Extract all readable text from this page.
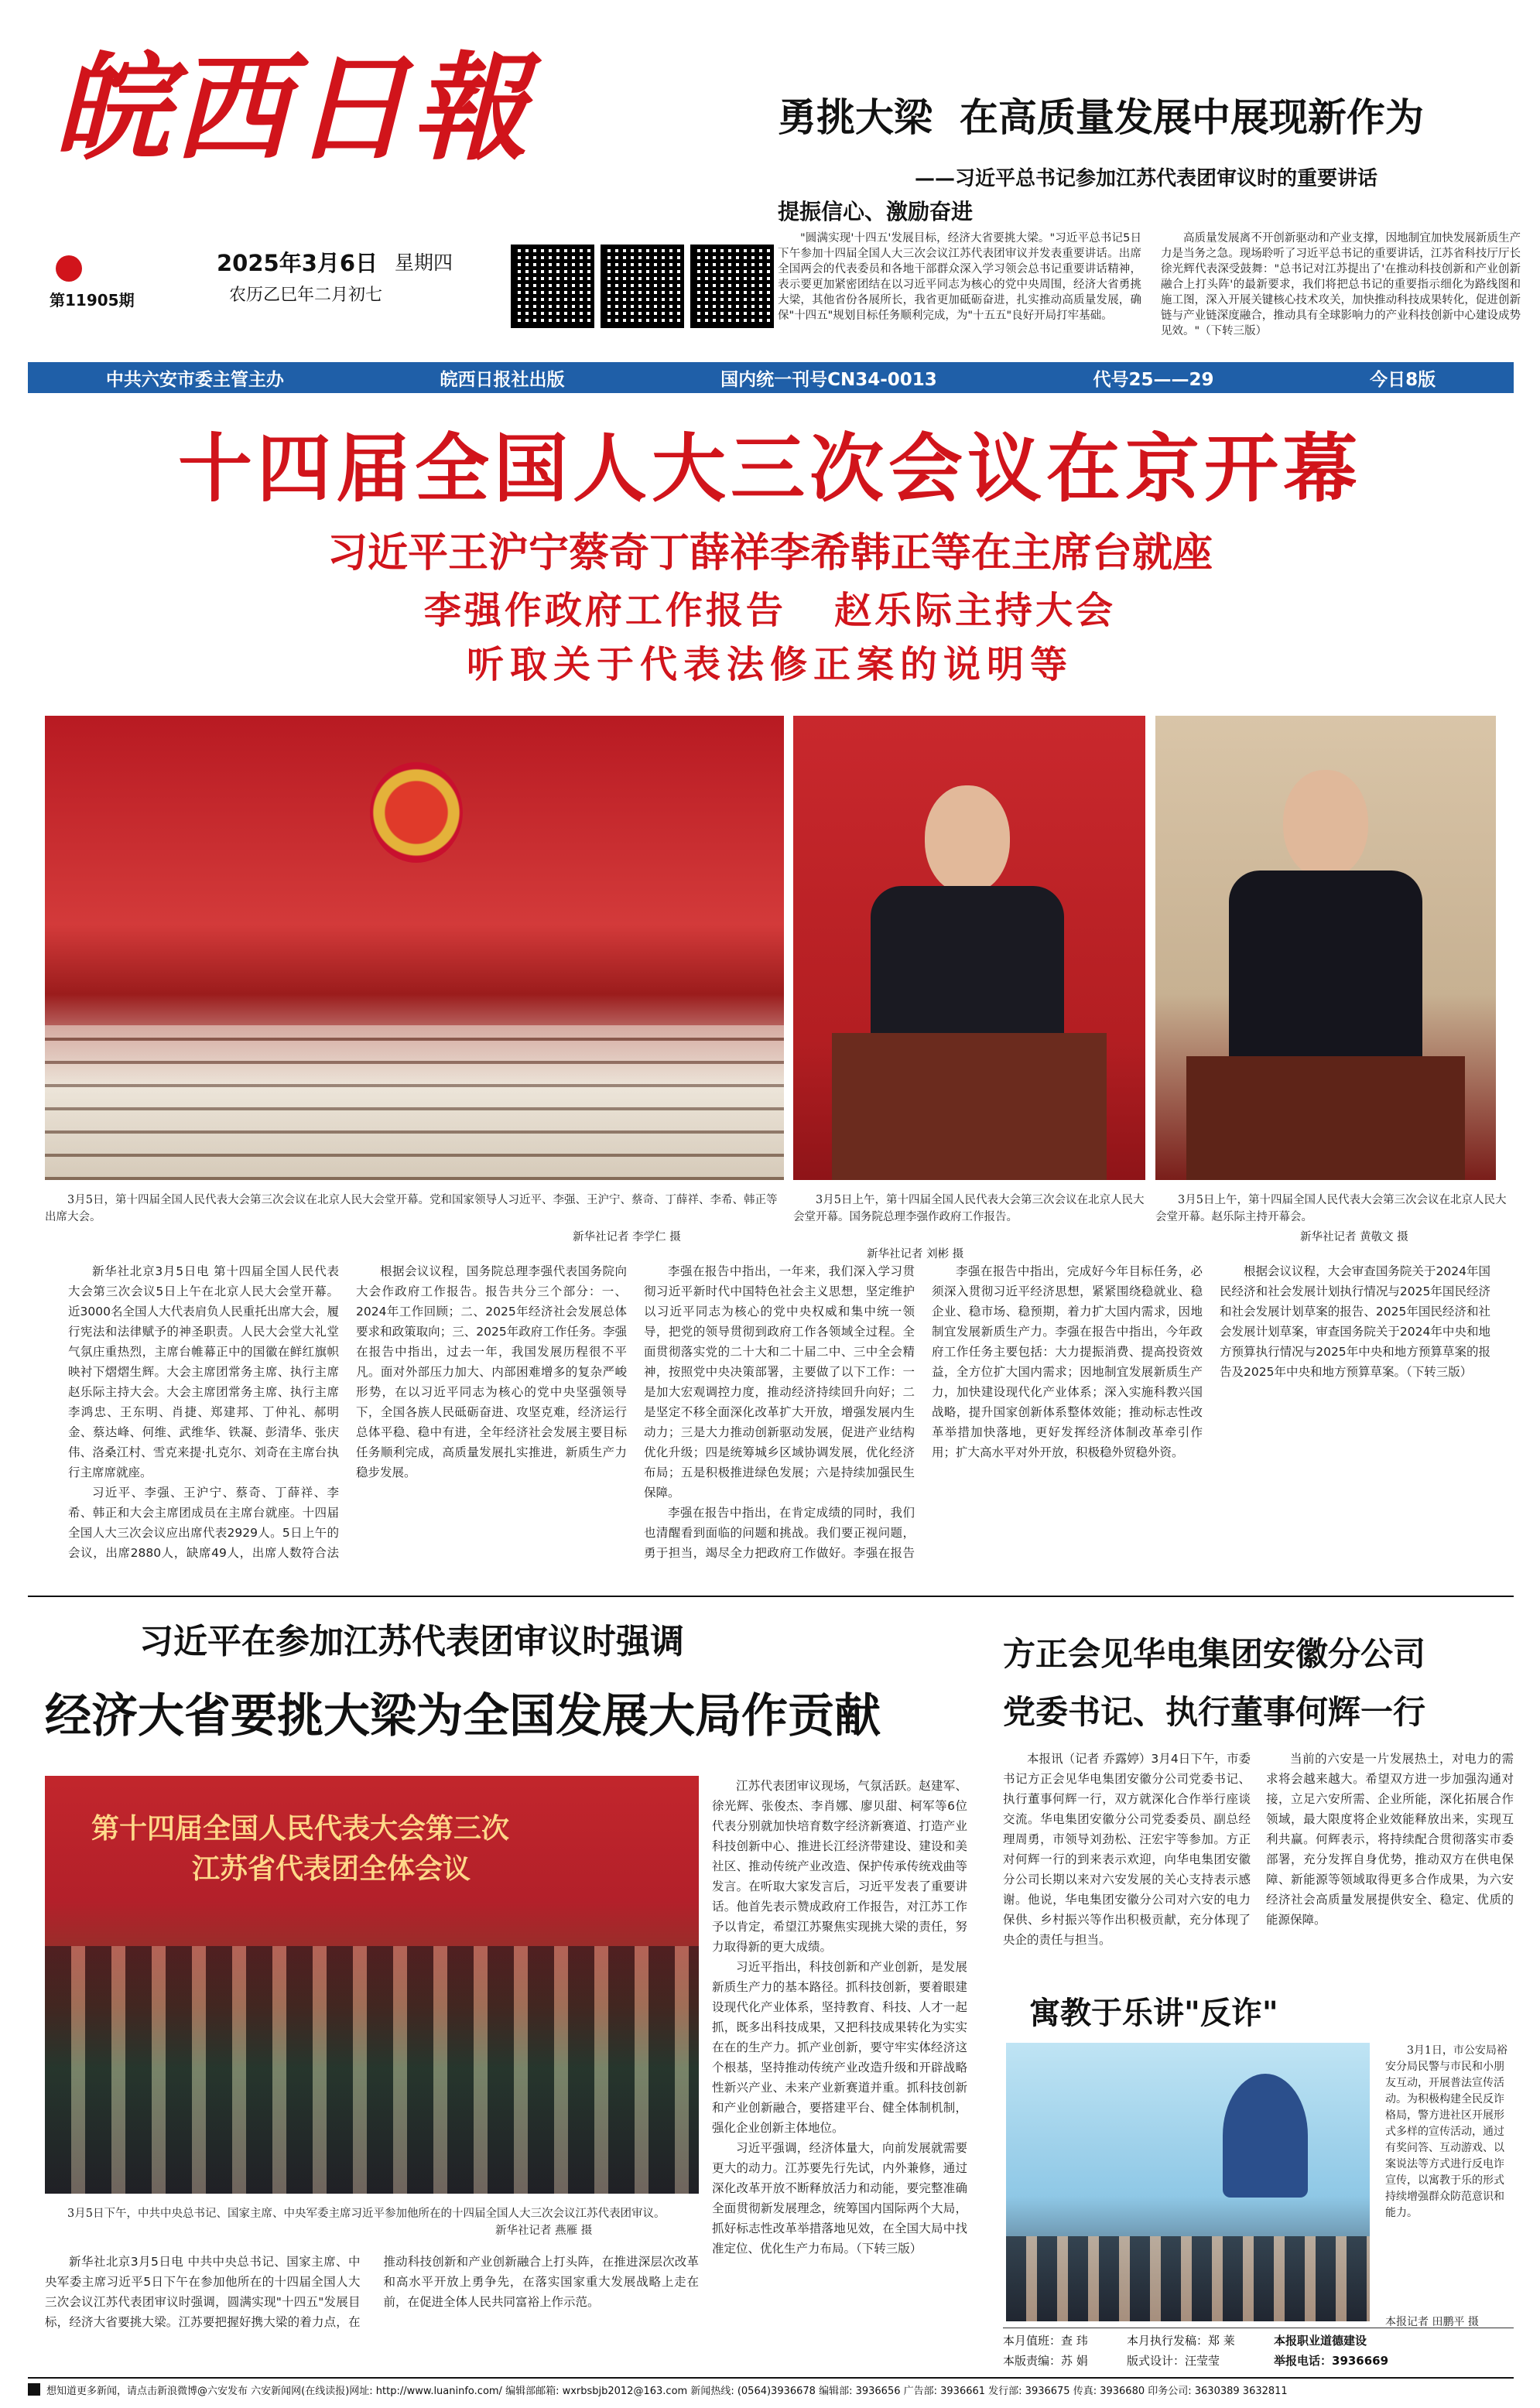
皖西日報
第11905期
2025年3月6日 星期四
农历乙巳年二月初七
勇挑大梁  在高质量发展中展现新作为
——习近平总书记参加江苏代表团审议时的重要讲话
提振信心、激励奋进

"圆满实现'十四五'发展目标，经济大省要挑大梁。"习近平总书记5日下午参加十四届全国人大三次会议江苏代表团审议并发表重要讲话。出席全国两会的代表委员和各地干部群众深入学习领会总书记重要讲话精神，表示要更加紧密团结在以习近平同志为核心的党中央周围，经济大省勇挑大梁，其他省份各展所长，我省更加砥砺奋进，扎实推动高质量发展，确保"十四五"规划目标任务顺利完成，为"十五五"良好开局打牢基础。

高质量发展离不开创新驱动和产业支撑，因地制宜加快发展新质生产力是当务之急。现场聆听了习近平总书记的重要讲话，江苏省科技厅厅长徐光辉代表深受鼓舞："总书记对江苏提出了'在推动科技创新和产业创新融合上打头阵'的最新要求，我们将把总书记的重要指示细化为路线图和施工图，深入开展关键核心技术攻关，加快推动科技成果转化，促进创新链与产业链深度融合，推动具有全球影响力的产业科技创新中心建设成势见效。"（下转三版）

中共六安市委主管主办	皖西日报社出版	国内统一刊号CN34-0013	代号25——29	今日8版
十四届全国人大三次会议在京开幕
习近平王沪宁蔡奇丁薛祥李希韩正等在主席台就座
李强作政府工作报告   赵乐际主持大会
听取关于代表法修正案的说明等
3月5日，第十四届全国人民代表大会第三次会议在北京人民大会堂开幕。党和国家领导人习近平、李强、王沪宁、蔡奇、丁薛祥、李希、韩正等出席大会。
新华社记者 李学仁 摄
3月5日上午，第十四届全国人民代表大会第三次会议在北京人民大会堂开幕。国务院总理李强作政府工作报告。
新华社记者 刘彬 摄
3月5日上午，第十四届全国人民代表大会第三次会议在北京人民大会堂开幕。赵乐际主持开幕会。
新华社记者 黄敬文 摄

新华社北京3月5日电 第十四届全国人民代表大会第三次会议5日上午在北京人民大会堂开幕。近3000名全国人大代表肩负人民重托出席大会，履行宪法和法律赋予的神圣职责。人民大会堂大礼堂气氛庄重热烈，主席台帷幕正中的国徽在鲜红旗帜映衬下熠熠生辉。大会主席团常务主席、执行主席赵乐际主持大会。大会主席团常务主席、执行主席李鸿忠、王东明、肖捷、郑建邦、丁仲礼、郝明金、蔡达峰、何维、武维华、铁凝、彭清华、张庆伟、洛桑江村、雪克来提·扎克尔、刘奇在主席台执行主席席就座。

习近平、李强、王沪宁、蔡奇、丁薛祥、李希、韩正和大会主席团成员在主席台就座。十四届全国人大三次会议应出席代表2929人。5日上午的会议，出席2880人，缺席49人，出席人数符合法

根据会议议程，国务院总理李强代表国务院向大会作政府工作报告。报告共分三个部分：一、2024年工作回顾；二、2025年经济社会发展总体要求和政策取向；三、2025年政府工作任务。李强在报告中指出，过去一年，我国发展历程很不平凡。面对外部压力加大、内部困难增多的复杂严峻形势，在以习近平同志为核心的党中央坚强领导下，全国各族人民砥砺奋进、攻坚克难，经济运行总体平稳、稳中有进，全年经济社会发展主要目标任务顺利完成，高质量发展扎实推进，新质生产力稳步发展。

李强在报告中指出，一年来，我们深入学习贯彻习近平新时代中国特色社会主义思想，坚定维护以习近平同志为核心的党中央权威和集中统一领导，把党的领导贯彻到政府工作各领域全过程。全面贯彻落实党的二十大和二十届二中、三中全会精神，按照党中央决策部署，主要做了以下工作：一是加大宏观调控力度，推动经济持续回升向好；二是坚定不移全面深化改革扩大开放，增强发展内生动力；三是大力推动创新驱动发展，促进产业结构优化升级；四是统筹城乡区域协调发展，优化经济布局；五是积极推进绿色发展；六是持续加强民生保障。

李强在报告中指出，在肯定成绩的同时，我们也清醒看到面临的问题和挑战。我们要正视问题，勇于担当，竭尽全力把政府工作做好。李强在报告

李强在报告中指出，完成好今年目标任务，必须深入贯彻习近平经济思想，紧紧围绕稳就业、稳企业、稳市场、稳预期，着力扩大国内需求，因地制宜发展新质生产力。李强在报告中指出，今年政府工作任务主要包括：大力提振消费、提高投资效益，全方位扩大国内需求；因地制宜发展新质生产力，加快建设现代化产业体系；深入实施科教兴国战略，提升国家创新体系整体效能；推动标志性改革举措加快落地，更好发挥经济体制改革牵引作用；扩大高水平对外开放，积极稳外贸稳外资。

根据会议议程，大会审查国务院关于2024年国民经济和社会发展计划执行情况与2025年国民经济和社会发展计划草案的报告、2025年国民经济和社会发展计划草案，审查国务院关于2024年中央和地方预算执行情况与2025年中央和地方预算草案的报告及2025年中央和地方预算草案。（下转三版）

习近平在参加江苏代表团审议时强调
经济大省要挑大梁为全国发展大局作贡献
第十四届全国人民代表大会第三次
江苏省代表团全体会议
3月5日下午，中共中央总书记、国家主席、中央军委主席习近平参加他所在的十四届全国人大三次会议江苏代表团审议。
新华社记者 燕雁 摄

新华社北京3月5日电 中共中央总书记、国家主席、中央军委主席习近平5日下午在参加他所在的十四届全国人大三次会议江苏代表团审议时强调，圆满实现"十四五"发展目标，经济大省要挑大梁。江苏要把握好携大梁的着力点，在推动科技创新和产业创新融合上打头阵，在推进深层次改革和高水平开放上勇争先，在落实国家重大发展战略上走在前，在促进全体人民共同富裕上作示范。

江苏代表团审议现场，气氛活跃。赵建军、徐光辉、张俊杰、李肖娜、廖贝甜、柯军等6位代表分别就加快培育数字经济新赛道、打造产业科技创新中心、推进长江经济带建设、建设和美社区、推动传统产业改造、保护传承传统戏曲等发言。在听取大家发言后，习近平发表了重要讲话。他首先表示赞成政府工作报告，对江苏工作予以肯定，希望江苏聚焦实现挑大梁的责任，努力取得新的更大成绩。

习近平指出，科技创新和产业创新，是发展新质生产力的基本路径。抓科技创新，要着眼建设现代化产业体系，坚持教育、科技、人才一起抓，既多出科技成果，又把科技成果转化为实实在在的生产力。抓产业创新，要守牢实体经济这个根基，坚持推动传统产业改造升级和开辟战略性新兴产业、未来产业新赛道并重。抓科技创新和产业创新融合，要搭建平台、健全体制机制，强化企业创新主体地位。

习近平强调，经济体量大，向前发展就需要更大的动力。江苏要先行先试，内外兼修，通过深化改革开放不断释放活力和动能，要完整准确全面贯彻新发展理念，统筹国内国际两个大局，抓好标志性改革举措落地见效，在全国大局中找准定位、优化生产力布局。（下转三版）

方正会见华电集团安徽分公司
党委书记、执行董事何辉一行

本报讯（记者 乔露婷）3月4日下午，市委书记方正会见华电集团安徽分公司党委书记、执行董事何辉一行，双方就深化合作举行座谈交流。华电集团安徽分公司党委委员、副总经理周勇，市领导刘劲松、汪宏宇等参加。方正对何辉一行的到来表示欢迎，向华电集团安徽分公司长期以来对六安发展的关心支持表示感谢。他说，华电集团安徽分公司对六安的电力保供、乡村振兴等作出积极贡献，充分体现了央企的责任与担当。

当前的六安是一片发展热土，对电力的需求将会越来越大。希望双方进一步加强沟通对接，立足六安所需、企业所能，深化拓展合作领域，最大限度将企业效能释放出来，实现互利共赢。何辉表示，将持续配合贯彻落实市委部署，充分发挥自身优势，推动双方在供电保障、新能源等领域取得更多合作成果，为六安经济社会高质量发展提供安全、稳定、优质的能源保障。

寓教于乐讲"反诈"
3月1日，市公安局裕安分局民警与市民和小朋友互动，开展普法宣传活动。为积极构建全民反诈格局，警方进社区开展形式多样的宣传活动，通过有奖问答、互动游戏、以案说法等方式进行反电诈宣传，以寓教于乐的形式持续增强群众防范意识和能力。
本报记者 田鹏平 摄
本月值班：查 玮
本版责编：苏 娟
本月执行发稿：郑 莱
版式设计：汪莹莹
本报职业道德建设
举报电话：3936669
想知道更多新闻，请点击新浪微博@六安发布 六安新闻网(在线读报)网址: http://www.luaninfo.com/ 编辑部邮箱: wxrbsbjb2012@163.com 新闻热线: (0564)3936678 编辑部: 3936656 广告部: 3936661 发行部: 3936675 传真: 3936680 印务公司: 3630389 3632811
